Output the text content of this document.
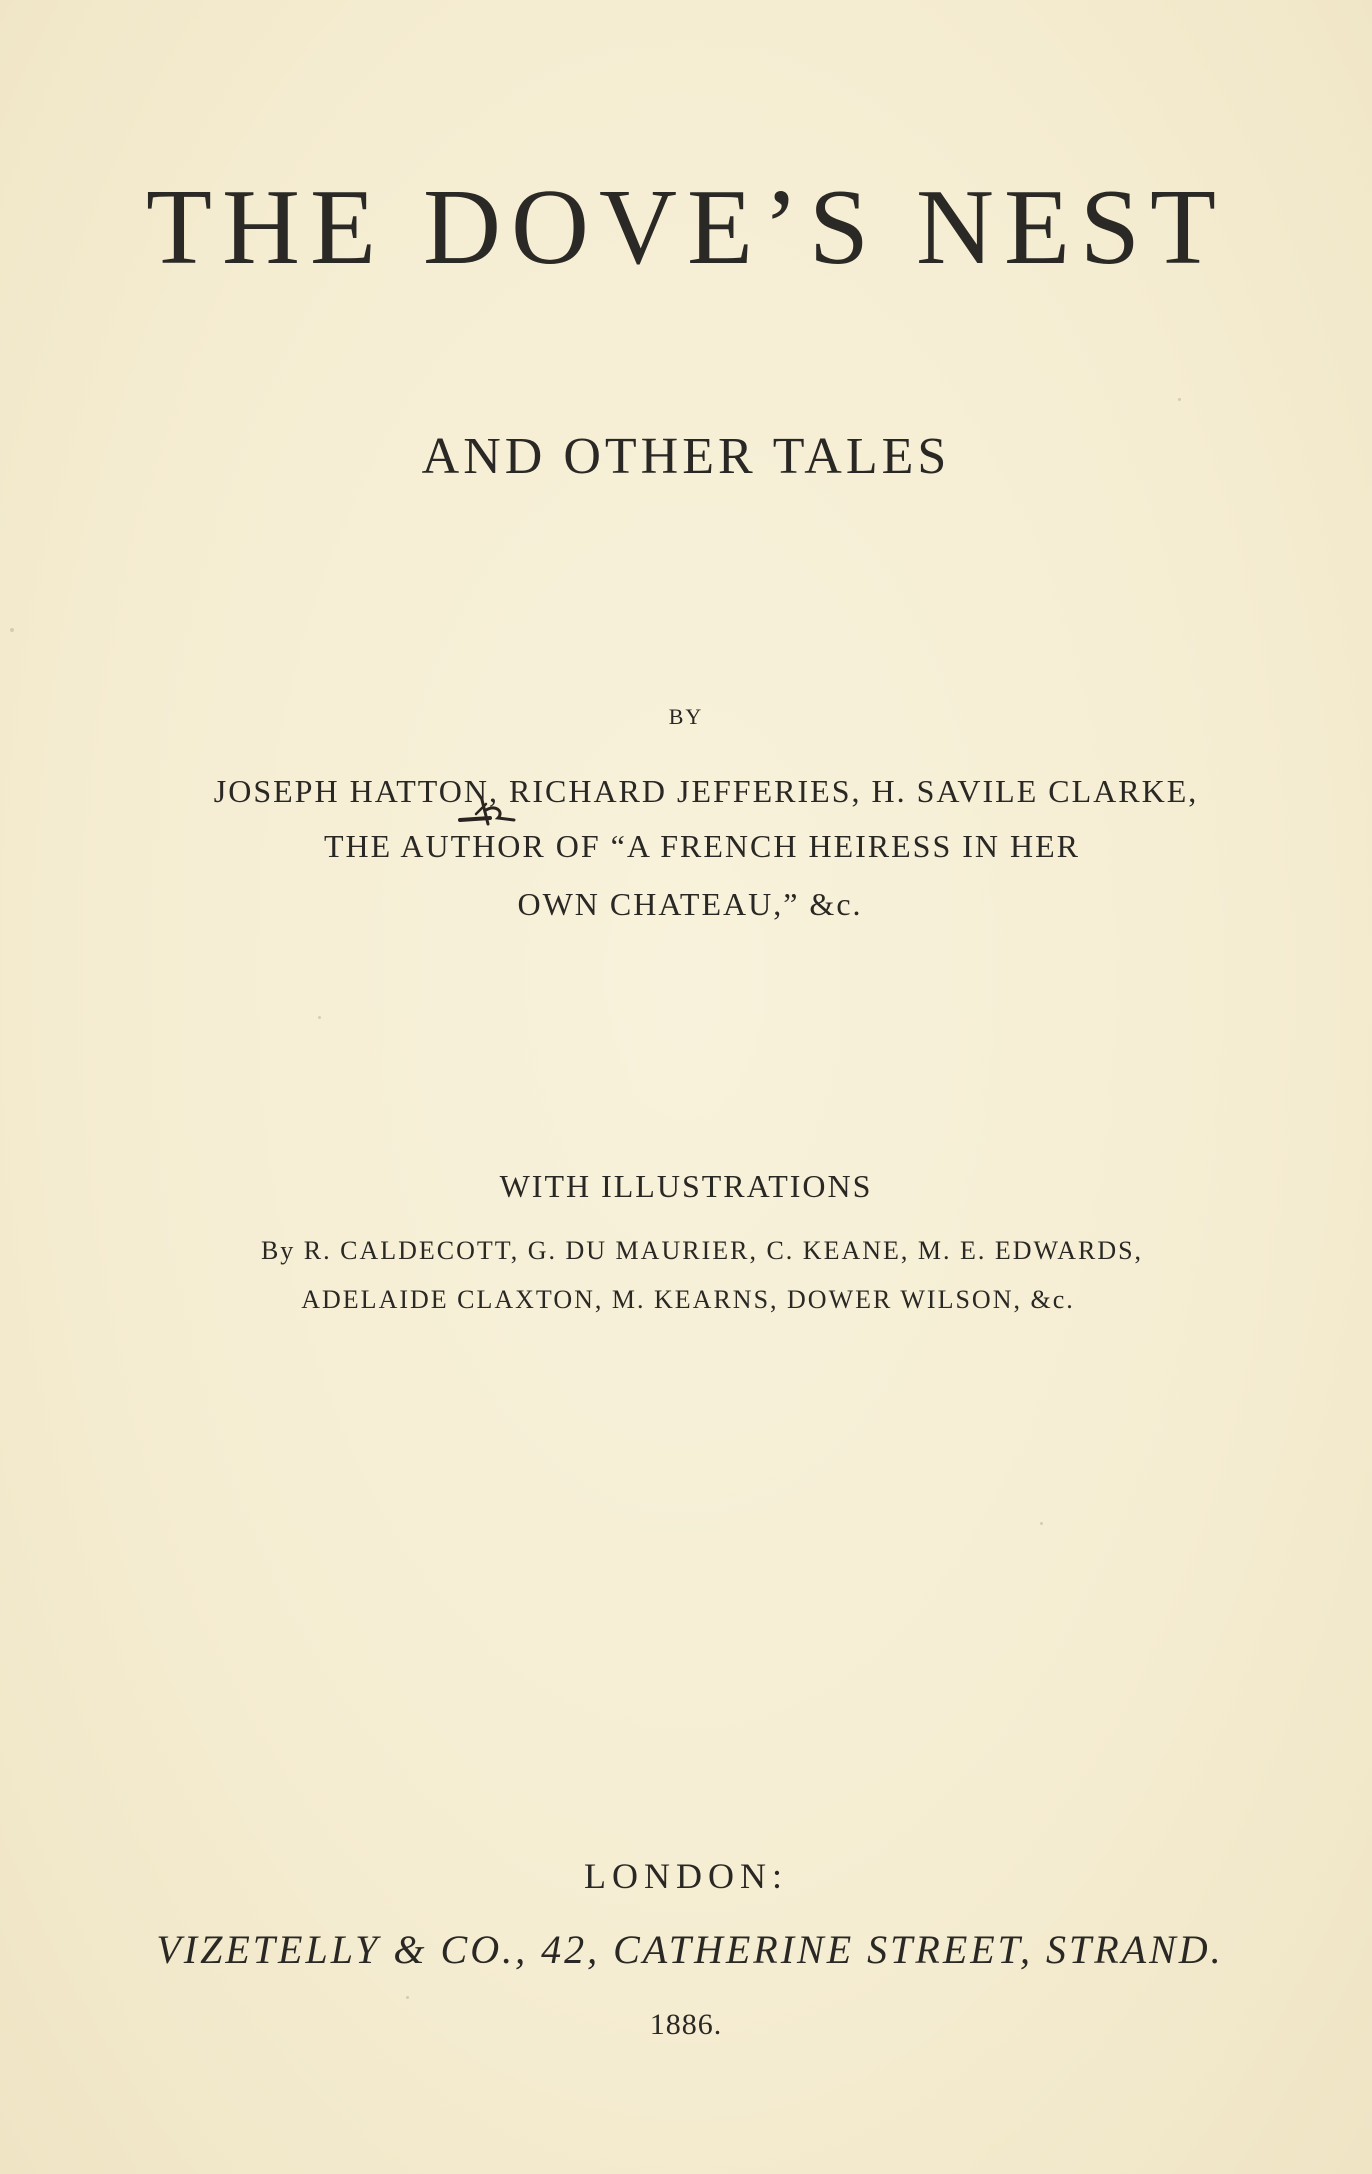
THE DOVE’S NEST
AND OTHER TALES
BY
JOSEPH HATTON, RICHARD JEFFERIES, H. SAVILE CLARKE,
THE AUTHOR OF “A FRENCH HEIRESS IN HER
OWN CHATEAU,” &c.
WITH ILLUSTRATIONS
By R. CALDECOTT, G. DU MAURIER, C. KEANE, M. E. EDWARDS,
ADELAIDE CLAXTON, M. KEARNS, DOWER WILSON, &c.
LONDON:
VIZETELLY & CO., 42, CATHERINE STREET, STRAND.
1886.
